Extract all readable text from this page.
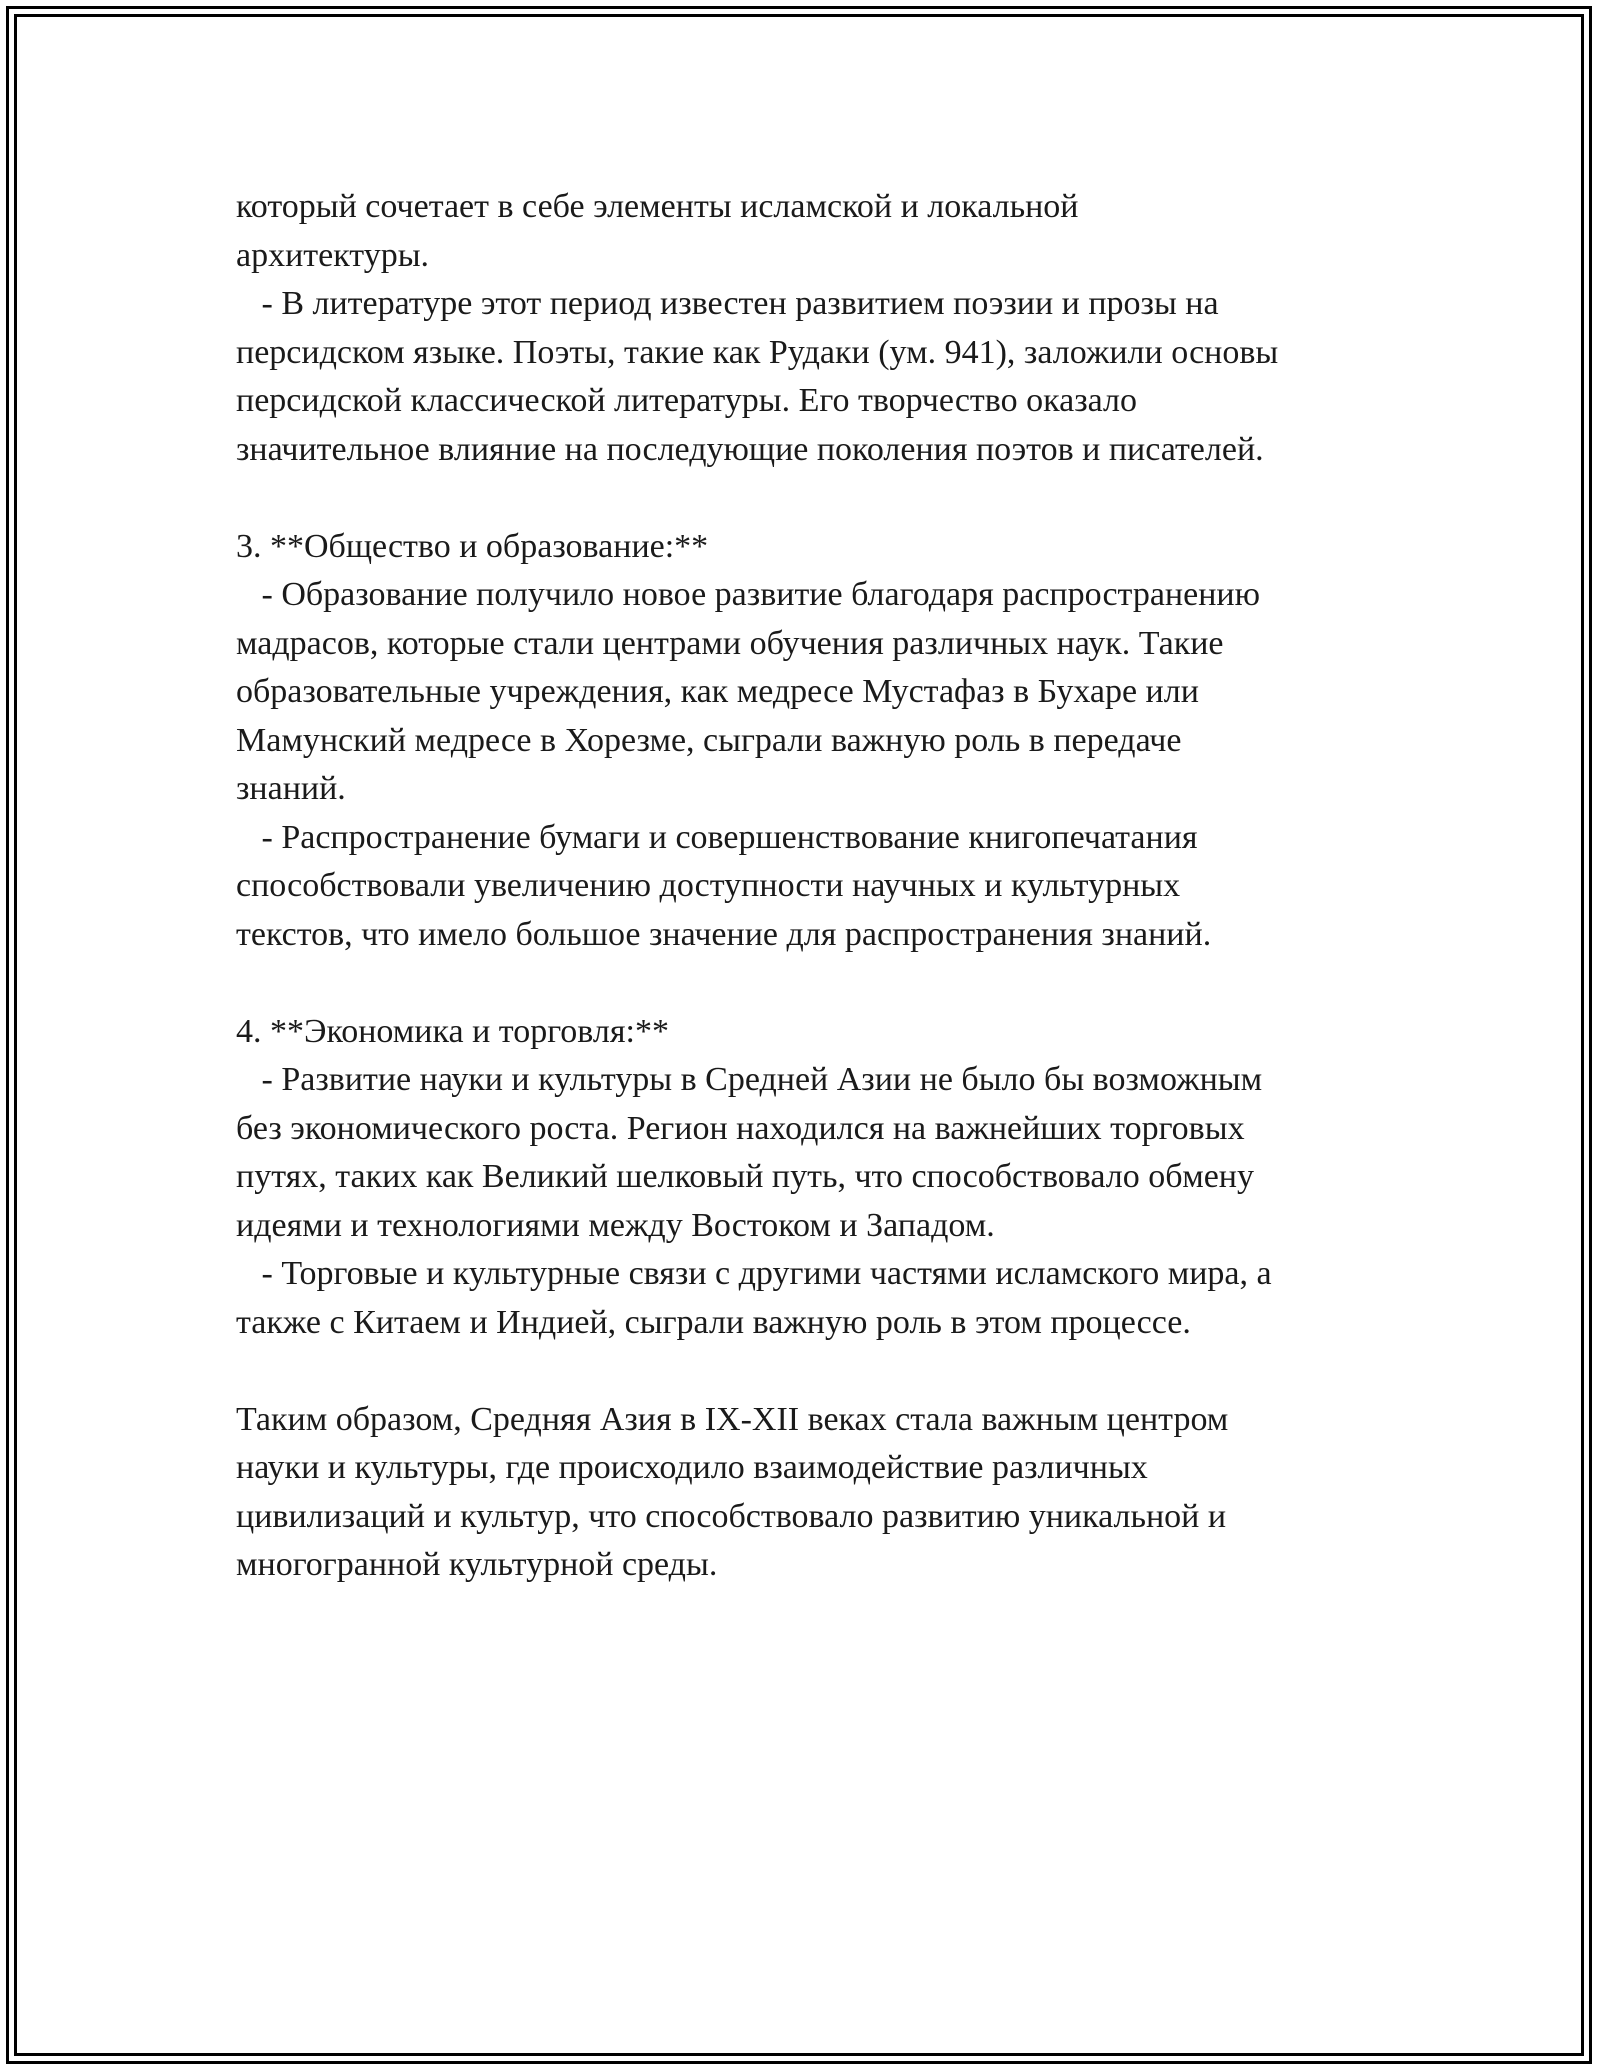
который сочетает в себе элементы исламской и локальной
архитектуры.
- В литературе этот период известен развитием поэзии и прозы на
персидском языке. Поэты, такие как Рудаки (ум. 941), заложили основы
персидской классической литературы. Его творчество оказало
значительное влияние на последующие поколения поэтов и писателей.
3. **Общество и образование:**
- Образование получило новое развитие благодаря распространению
мадрасов, которые стали центрами обучения различных наук. Такие
образовательные учреждения, как медресе Мустафаз в Бухаре или
Мамунский медресе в Хорезме, сыграли важную роль в передаче
знаний.
- Распространение бумаги и совершенствование книгопечатания
способствовали увеличению доступности научных и культурных
текстов, что имело большое значение для распространения знаний.
4. **Экономика и торговля:**
- Развитие науки и культуры в Средней Азии не было бы возможным
без экономического роста. Регион находился на важнейших торговых
путях, таких как Великий шелковый путь, что способствовало обмену
идеями и технологиями между Востоком и Западом.
- Торговые и культурные связи с другими частями исламского мира, а
также с Китаем и Индией, сыграли важную роль в этом процессе.
Таким образом, Средняя Азия в IX-XII веках стала важным центром
науки и культуры, где происходило взаимодействие различных
цивилизаций и культур, что способствовало развитию уникальной и
многогранной культурной среды.
